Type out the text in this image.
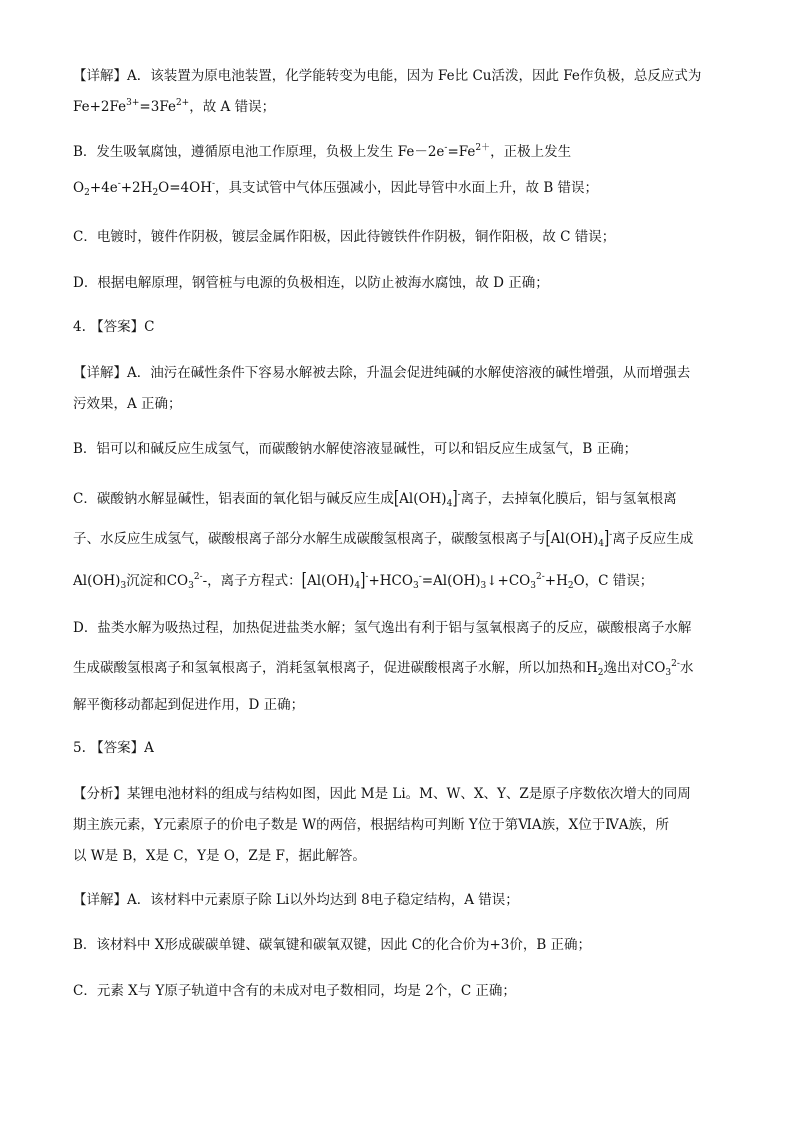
【详解】A．该装置为原电池装置，化学能转变为电能，因为 Fe比 Cu活泼，因此 Fe作负极，总反应式为
$Fe+2Fe^{3+}=3Fe^{2+}$，故 A 错误；
B．发生吸氧腐蚀，遵循原电池工作原理，负极上发生 $Fe-2e^-=Fe^{2+}$，正极上发生
$O_2+4e^-+2H_2O=4OH^-$，具支试管中气体压强减小，因此导管中水面上升，故 B 错误；
C．电镀时，镀件作阴极，镀层金属作阳极，因此待镀铁件作阴极，铜作阳极，故 C 错误；
D．根据电解原理，钢管桩与电源的负极相连，以防止被海水腐蚀，故 D 正确；
4. 【答案】C
【详解】A．油污在碱性条件下容易水解被去除，升温会促进纯碱的水解使溶液的碱性增强，从而增强去
污效果，A 正确；
B．铝可以和碱反应生成氢气，而碳酸钠水解使溶液显碱性，可以和铝反应生成氢气，B 正确；
C．碳酸钠水解显碱性，铝表面的氧化铝与碱反应生成$[Al(OH)_4]^-$离子，去掉氧化膜后，铝与氢氧根离
子、水反应生成氢气，碳酸根离子部分水解生成碳酸氢根离子，碳酸氢根离子与$[Al(OH)_4]^-$离子反应生成
$Al(OH)_3$沉淀和$CO_3^{2-}-$，离子方程式：$[Al(OH)_4]^-+HCO_3^-=Al(OH)_3↓+CO_3^{2-}+H_2O$，C 错误；
D．盐类水解为吸热过程，加热促进盐类水解；氢气逸出有利于铝与氢氧根离子的反应，碳酸根离子水解
生成碳酸氢根离子和氢氧根离子，消耗氢氧根离子，促进碳酸根离子水解，所以加热和$H_2$逸出对$CO_3^{2-}$水
解平衡移动都起到促进作用，D 正确；
5. 【答案】A
【分析】某锂电池材料的组成与结构如图，因此 M是 Li。M、W、X、Y、Z是原子序数依次增大的同周
期主族元素，Y元素原子的价电子数是 W的两倍，根据结构可判断 Y位于第ⅥA族，X位于ⅣA族，所
以 W是 B，X是 C，Y是 O，Z是 F，据此解答。
【详解】A．该材料中元素原子除 Li以外均达到 8电子稳定结构，A 错误；
B．该材料中 X形成碳碳单键、碳氧键和碳氧双键，因此 C的化合价为+3价，B 正确；
C．元素 X与 Y原子轨道中含有的未成对电子数相同，均是 2个，C 正确；
